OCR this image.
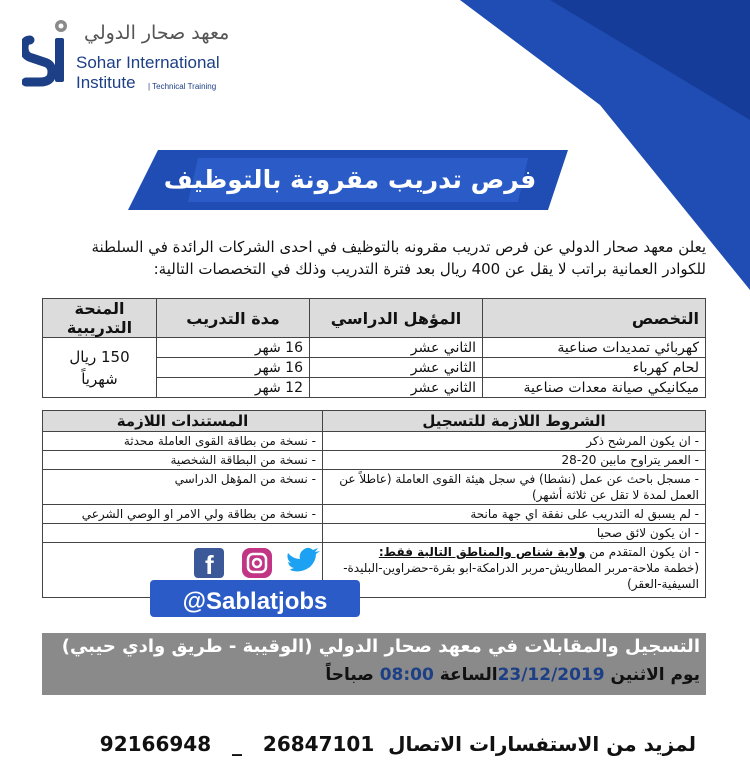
معهد صحار الدولي
Sohar International
Institute | Technical Training
فرص تدريب مقرونة بالتوظيف
يعلن معهد صحار الدولي عن فرص تدريب مقرونه بالتوظيف في احدى الشركات الرائدة في السلطنة
للكوادر العمانية براتب لا يقل عن 400 ريال بعد فترة التدريب وذلك في التخصصات التالية:
التخصص	المؤهل الدراسي	مدة التدريب	المنحة التدريبية
كهربائي تمديدات صناعية	الثاني عشر	16 شهر	150 ريال
شهرياً

لحام كهرباء	الثاني عشر	16 شهر	
ميكانيكي صيانة معدات صناعية	الثاني عشر	12 شهر	
الشروط اللازمة للتسجيل	المستندات اللازمة
- ان يكون المرشح ذكر	- نسخة من بطاقة القوى العاملة محدثة
- العمر يتراوح مابين 20-28	- نسخة من البطاقة الشخصية
- مسجل باحث عن عمل (نشطا) في سجل هيئة القوى العاملة (عاطلاً عن العمل لمدة لا تقل عن ثلاثة أشهر)	- نسخة من المؤهل الدراسي
- لم يسبق له التدريب على نفقة اي جهة مانحة	- نسخة من بطاقة ولي الامر او الوصي الشرعي
- ان يكون لائق صحيا	
- ان يكون المتقدم من ولاية شناص والمناطق التالية فقط:
(خطمة ملاحة-مربر المطاريش-مربر الدرامكة-ابو بقرة-حضراوين-البليدة-السيفية-العقر)	

f
@Sablatjobs
التسجيل والمقابلات في معهد صحار الدولي (الوقيبة - طريق وادي حيبي)
يوم الاثنين 23/12/2019الساعة 08:00 صباحاً
لمزيد من الاستفسارات الاتصال  26847101   _   92166948
